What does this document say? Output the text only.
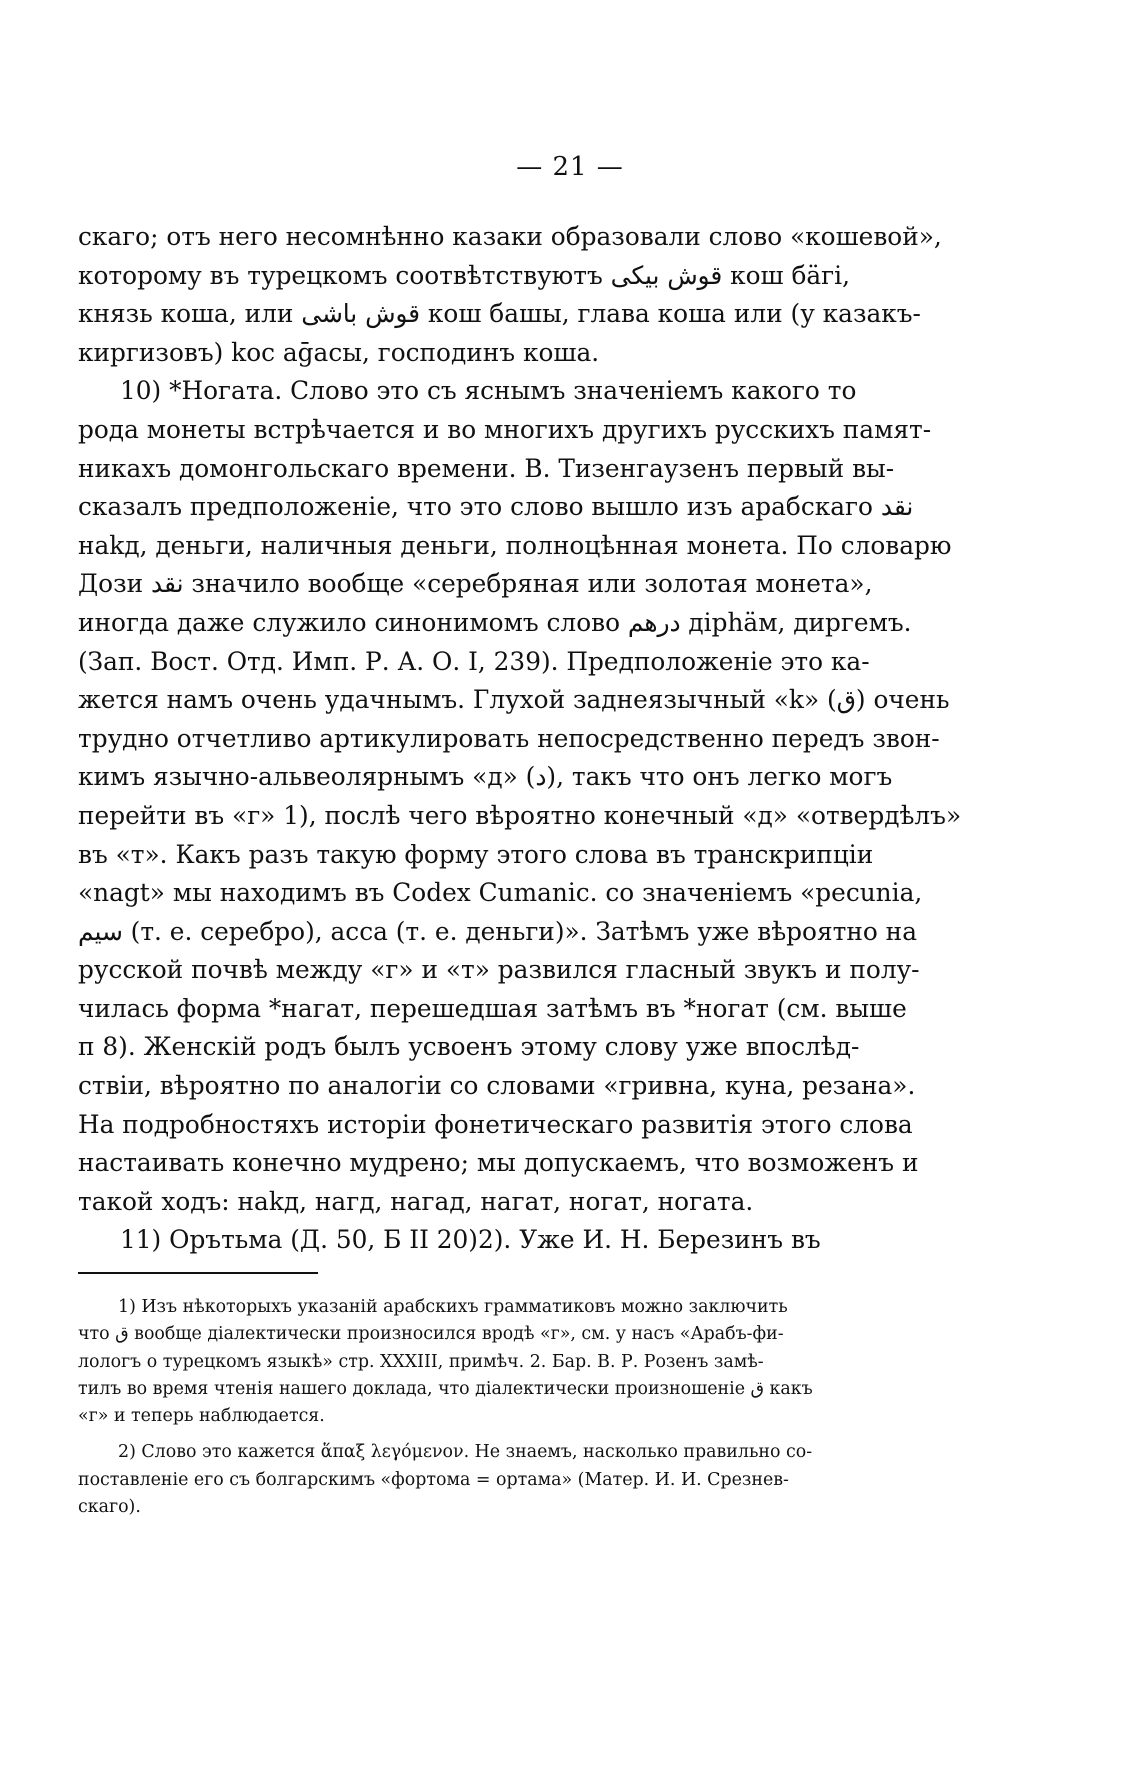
— 21 —
скаго; отъ него несомнѣнно казаки образовали слово «кошевой»,
которому въ турецкомъ соотвѣтствуютъ قوش بيكى кош бäгі,
князь коша, или قوش باشى кош башы, глава коша или (у казакъ-
киргизовъ) kос аḡасы, господинъ коша.
10) *Ногата. Слово это съ яснымъ значеніемъ какого то
рода монеты встрѣчается и во многихъ другихъ русскихъ памят-
никахъ домонгольскаго времени. В. Тизенгаузенъ первый вы-
сказалъ предположеніе, что это слово вышло изъ арабскаго نقد
наkд, деньги, наличныя деньги, полноцѣнная монета. По словарю
Дози نقد значило вообще «серебряная или золотая монета»,
иногда даже служило синонимомъ слово درهم дірhäм, диргемъ.
(Зап. Вост. Отд. Имп. Р. А. О. I, 239). Предположеніе это ка-
жется намъ очень удачнымъ. Глухой заднеязычный «k» (ق) очень
трудно отчетливо артикулировать непосредственно передъ звон-
кимъ язычно-альвеолярнымъ «д» (د), такъ что онъ легко могъ
перейти въ «г» 1), послѣ чего вѣроятно конечный «д» «отвердѣлъ»
въ «т». Какъ разъ такую форму этого слова въ транскрипціи
«nagt» мы находимъ въ Codex Cumanic. со значеніемъ «pecunia,
سيم (т. е. серебро), acса (т. е. деньги)». Затѣмъ уже вѣроятно на
русской почвѣ между «г» и «т» развился гласный звукъ и полу-
чилась форма *нагат, перешедшая затѣмъ въ *ногат (см. выше
п 8). Женскій родъ былъ усвоенъ этому слову уже впослѣд-
ствіи, вѣроятно по аналогіи со словами «гривна, куна, резана».
На подробностяхъ исторіи фонетическаго развитія этого слова
настаивать конечно мудрено; мы допускаемъ, что возможенъ и
такой ходъ: наkд, нагд, нагад, нагат, ногат, ногата.
11) Орътьма (Д. 50, Б II 20)2). Уже И. Н. Березинъ въ
1) Изъ нѣкоторыхъ указаній арабскихъ грамматиковъ можно заключить
что ق вообще діалектически произносился вродѣ «г», см. у насъ «Арабъ-фи-
лологъ о турецкомъ языкѣ» стр. XXXIII, примѣч. 2. Бар. В. Р. Розенъ замѣ-
тилъ во время чтенія нашего доклада, что діалектически произношеніе ق какъ
«г» и теперь наблюдается.
2) Слово это кажется ἅπαξ λεγόμενον. Не знаемъ, насколько правильно со-
поставленіе его съ болгарскимъ «фортома = ортама» (Матер. И. И. Срезнев-
скаго).
